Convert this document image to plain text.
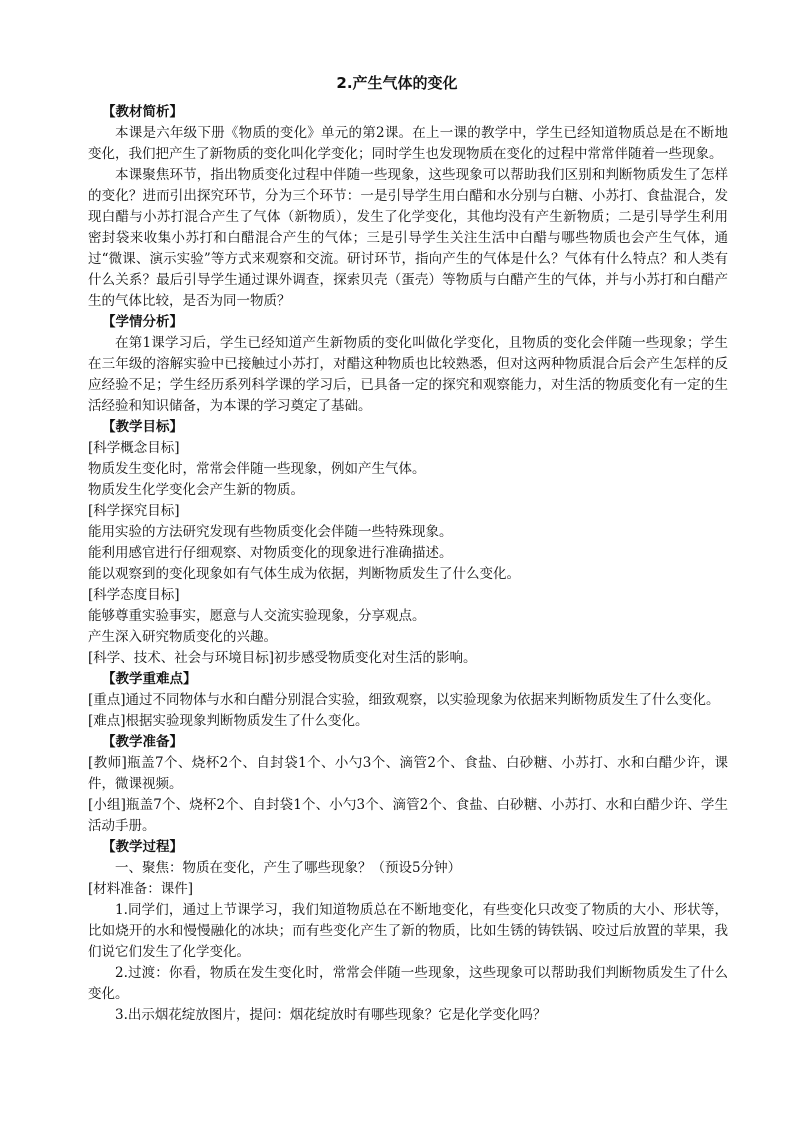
2.产生气体的变化

【教材简析】

本课是六年级下册《物质的变化》单元的第2课。在上一课的教学中，学生已经知道物质总是在不断地变化，我们把产生了新物质的变化叫化学变化；同时学生也发现物质在变化的过程中常常伴随着一些现象。

本课聚焦环节，指出物质变化过程中伴随一些现象，这些现象可以帮助我们区别和判断物质发生了怎样的变化？进而引出探究环节，分为三个环节：一是引导学生用白醋和水分别与白糖、小苏打、食盐混合，发现白醋与小苏打混合产生了气体（新物质），发生了化学变化，其他均没有产生新物质；二是引导学生利用密封袋来收集小苏打和白醋混合产生的气体；三是引导学生关注生活中白醋与哪些物质也会产生气体，通过“微课、演示实验”等方式来观察和交流。研讨环节，指向产生的气体是什么？气体有什么特点？和人类有什么关系？最后引导学生通过课外调查，探索贝壳（蛋壳）等物质与白醋产生的气体，并与小苏打和白醋产生的气体比较，是否为同一物质？

【学情分析】

在第1课学习后，学生已经知道产生新物质的变化叫做化学变化，且物质的变化会伴随一些现象；学生在三年级的溶解实验中已接触过小苏打，对醋这种物质也比较熟悉，但对这两种物质混合后会产生怎样的反应经验不足；学生经历系列科学课的学习后，已具备一定的探究和观察能力，对生活的物质变化有一定的生活经验和知识储备，为本课的学习奠定了基础。

【教学目标】

[科学概念目标]

物质发生变化时，常常会伴随一些现象，例如产生气体。

物质发生化学变化会产生新的物质。

[科学探究目标]

能用实验的方法研究发现有些物质变化会伴随一些特殊现象。

能利用感官进行仔细观察、对物质变化的现象进行准确描述。

能以观察到的变化现象如有气体生成为依据，判断物质发生了什么变化。

[科学态度目标]

能够尊重实验事实，愿意与人交流实验现象，分享观点。

产生深入研究物质变化的兴趣。

[科学、技术、社会与环境目标]初步感受物质变化对生活的影响。

【教学重难点】

[重点]通过不同物体与水和白醋分别混合实验，细致观察，以实验现象为依据来判断物质发生了什么变化。

[难点]根据实验现象判断物质发生了什么变化。

【教学准备】

[教师]瓶盖7个、烧杯2个、自封袋1个、小勺3个、滴管2个、食盐、白砂糖、小苏打、水和白醋少许，课件，微课视频。

[小组]瓶盖7个、烧杯2个、自封袋1个、小勺3个、滴管2个、食盐、白砂糖、小苏打、水和白醋少许、学生活动手册。

【教学过程】

一、聚焦：物质在变化，产生了哪些现象？（预设5分钟）

[材料准备：课件]

1.同学们，通过上节课学习，我们知道物质总在不断地变化，有些变化只改变了物质的大小、形状等，比如烧开的水和慢慢融化的冰块；而有些变化产生了新的物质，比如生锈的铸铁锅、咬过后放置的苹果，我们说它们发生了化学变化。

2.过渡：你看，物质在发生变化时，常常会伴随一些现象，这些现象可以帮助我们判断物质发生了什么变化。

3.出示烟花绽放图片，提问：烟花绽放时有哪些现象？它是化学变化吗？
